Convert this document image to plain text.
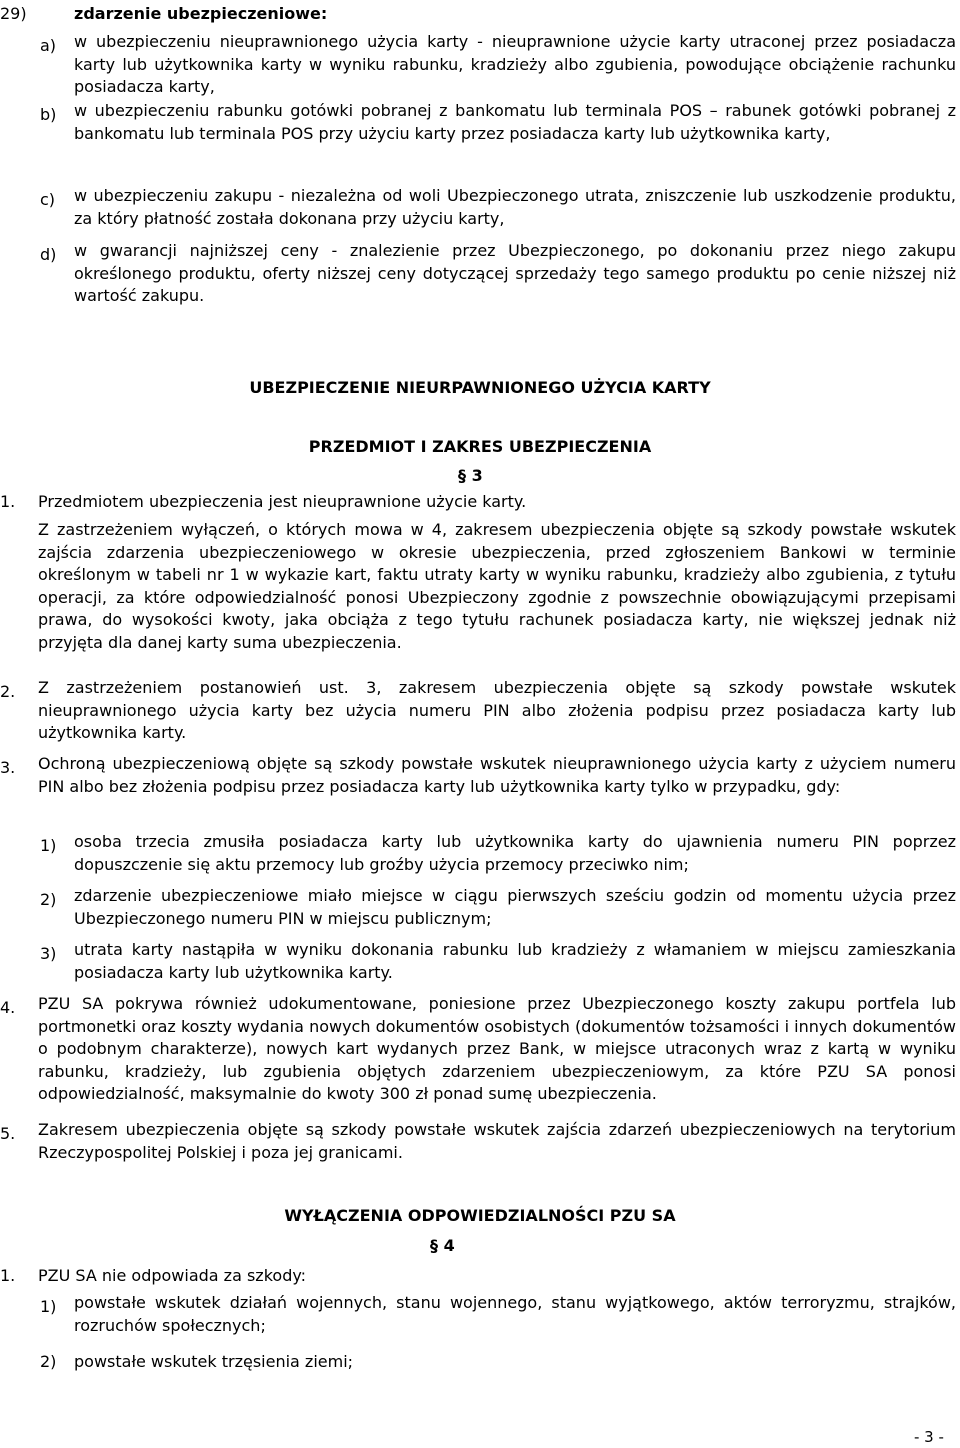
29)	zdarzenie ubezpieczeniowe:
a) w ubezpieczeniu nieuprawnionego użycia karty - nieuprawnione użycie karty utraconej przez posiadacza karty lub użytkownika karty w wyniku rabunku, kradzieży albo zgubienia, powodujące obciążenie rachunku posiadacza karty,

b) w ubezpieczeniu rabunku gotówki pobranej z bankomatu lub terminala POS – rabunek gotówki pobranej z bankomatu lub terminala POS przy użyciu karty przez posiadacza karty lub użytkownika karty,

c) w ubezpieczeniu zakupu - niezależna od woli Ubezpieczonego utrata, zniszczenie lub uszkodzenie produktu, za który płatność została dokonana przy użyciu karty,

d) w gwarancji najniższej ceny - znalezienie przez Ubezpieczonego, po dokonaniu przez niego zakupu określonego produktu, oferty niższej ceny dotyczącej sprzedaży tego samego produktu po cenie niższej niż wartość zakupu.

UBEZPIECZENIE NIEURPAWNIONEGO UŻYCIA KARTY

PRZEDMIOT I ZAKRES UBEZPIECZENIA

§ 3
1. Przedmiotem ubezpieczenia jest nieuprawnione użycie karty.

Z zastrzeżeniem wyłączeń, o których mowa w 4, zakresem ubezpieczenia objęte są szkody powstałe wskutek zajścia zdarzenia ubezpieczeniowego w okresie ubezpieczenia, przed zgłoszeniem Bankowi w terminie określonym w tabeli nr 1 w wykazie kart, faktu utraty karty w wyniku rabunku, kradzieży albo zgubienia, z tytułu operacji, za które odpowiedzialność ponosi Ubezpieczony zgodnie z powszechnie obowiązującymi przepisami prawa, do wysokości kwoty, jaka obciąża z tego tytułu rachunek posiadacza karty, nie większej jednak niż przyjęta dla danej karty suma ubezpieczenia.

2. Z zastrzeżeniem postanowień ust. 3, zakresem ubezpieczenia objęte są szkody powstałe wskutek nieuprawnionego użycia karty bez użycia numeru PIN albo złożenia podpisu przez posiadacza karty lub użytkownika karty.

3. Ochroną ubezpieczeniową objęte są szkody powstałe wskutek nieuprawnionego użycia karty z użyciem numeru PIN albo bez złożenia podpisu przez posiadacza karty lub użytkownika karty tylko w przypadku, gdy:

1) osoba trzecia zmusiła posiadacza karty lub użytkownika karty do ujawnienia numeru PIN poprzez dopuszczenie się aktu przemocy lub groźby użycia przemocy przeciwko nim;

2) zdarzenie ubezpieczeniowe miało miejsce w ciągu pierwszych sześciu godzin od momentu użycia przez Ubezpieczonego numeru PIN w miejscu publicznym;

3) utrata karty nastąpiła w wyniku dokonania rabunku lub kradzieży z włamaniem w miejscu zamieszkania posiadacza karty lub użytkownika karty.

4. PZU SA pokrywa również udokumentowane, poniesione przez Ubezpieczonego koszty zakupu portfela lub portmonetki oraz koszty wydania nowych dokumentów osobistych (dokumentów tożsamości i innych dokumentów o podobnym charakterze), nowych kart wydanych przez Bank, w miejsce utraconych wraz z kartą w wyniku rabunku, kradzieży, lub zgubienia objętych zdarzeniem ubezpieczeniowym, za które PZU SA ponosi odpowiedzialność, maksymalnie do kwoty 300 zł ponad sumę ubezpieczenia.

5. Zakresem ubezpieczenia objęte są szkody powstałe wskutek zajścia zdarzeń ubezpieczeniowych na terytorium Rzeczypospolitej Polskiej i poza jej granicami.

WYŁĄCZENIA ODPOWIEDZIALNOŚCI PZU SA

§ 4
1. PZU SA nie odpowiada za szkody:
1) powstałe wskutek działań wojennych, stanu wojennego, stanu wyjątkowego, aktów terroryzmu, strajków, rozruchów społecznych;

2) powstałe wskutek trzęsienia ziemi;
- 3 -
